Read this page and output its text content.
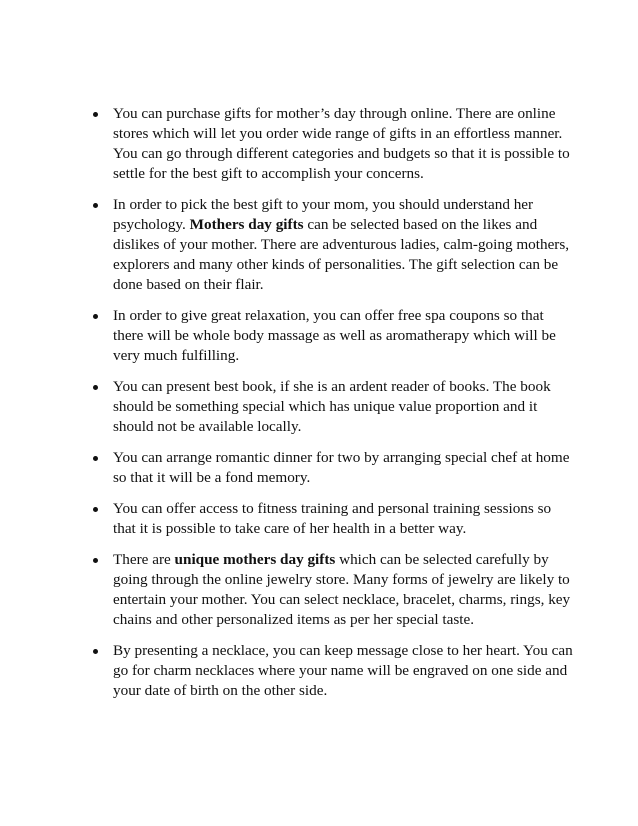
You can purchase gifts for mother’s day through online. There are online stores which will let you order wide range of gifts in an effortless manner. You can go through different categories and budgets so that it is possible to settle for the best gift to accomplish your concerns.
In order to pick the best gift to your mom, you should understand her psychology. Mothers day gifts can be selected based on the likes and dislikes of your mother. There are adventurous ladies, calm-going mothers, explorers and many other kinds of personalities. The gift selection can be done based on their flair.
In order to give great relaxation, you can offer free spa coupons so that there will be whole body massage as well as aromatherapy which will be very much fulfilling.
You can present best book, if she is an ardent reader of books. The book should be something special which has unique value proportion and it should not be available locally.
You can arrange romantic dinner for two by arranging special chef at home so that it will be a fond memory.
You can offer access to fitness training and personal training sessions so that it is possible to take care of her health in a better way.
There are unique mothers day gifts which can be selected carefully by going through the online jewelry store. Many forms of jewelry are likely to entertain your mother. You can select necklace, bracelet, charms, rings, key chains and other personalized items as per her special taste.
By presenting a necklace, you can keep message close to her heart. You can go for charm necklaces where your name will be engraved on one side and your date of birth on the other side.
